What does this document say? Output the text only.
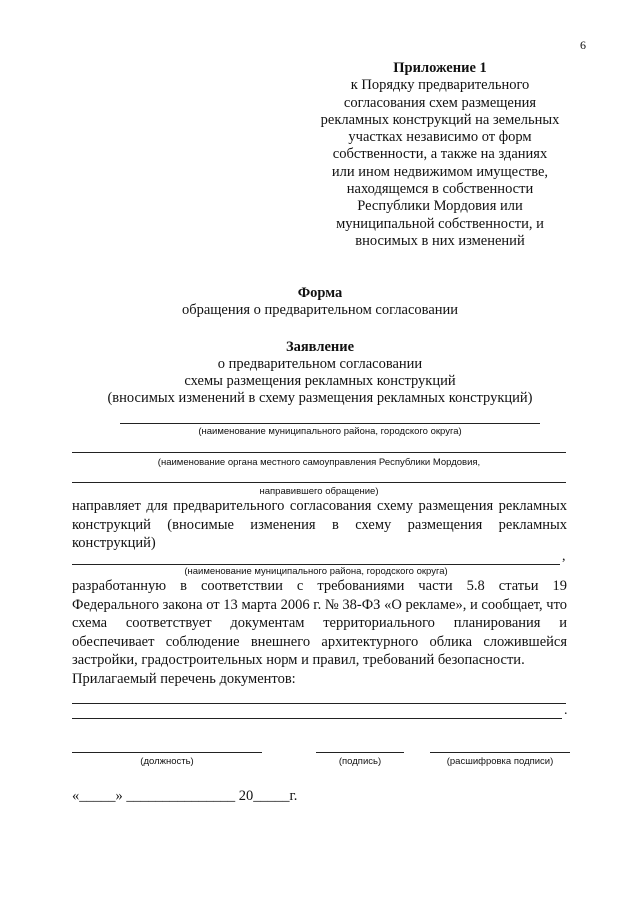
6
Приложение 1
к Порядку предварительного
согласования схем размещения
рекламных конструкций на земельных
участках независимо от форм
собственности, а также на зданиях
или ином недвижимом имуществе,
находящемся в собственности
Республики Мордовия или
муниципальной собственности, и
вносимых в них изменений
Форма
обращения о предварительном согласовании
Заявление
о предварительном согласовании
схемы размещения рекламных конструкций
(вносимых изменений в схему размещения рекламных конструкций)
(наименование муниципального района, городского округа)
(наименование органа местного самоуправления Республики Мордовия,
направившего обращение)
направляет для предварительного согласования схему размещения рекламных конструкций (вносимые изменения в схему размещения рекламных конструкций)
,
(наименование муниципального района, городского округа)
разработанную в соответствии с требованиями части 5.8 статьи 19
Федерального закона от 13 марта 2006 г. № 38-ФЗ «О рекламе», и сообщает, что
схема соответствует документам территориального планирования и
обеспечивает соблюдение внешнего архитектурного облика сложившейся
застройки, градостроительных норм и правил, требований безопасности.
Прилагаемый перечень документов:
.
(должность)	(подпись)	(расшифровка подписи)
«_____» _______________ 20_____г.
